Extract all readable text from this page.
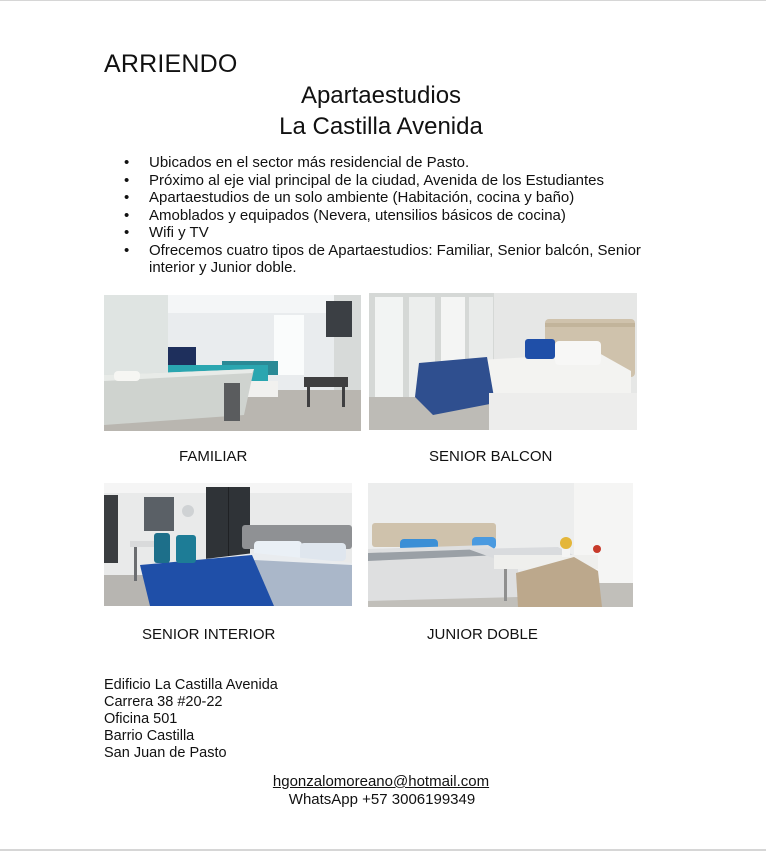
ARRIENDO
Apartaestudios
La Castilla Avenida
• Ubicados en el sector más residencial de Pasto.
• Próximo al eje vial principal de la ciudad, Avenida de los Estudiantes
• Apartaestudios de un solo ambiente (Habitación, cocina y baño)
• Amoblados y equipados (Nevera, utensilios básicos de cocina)
• Wifi y TV
• Ofrecemos cuatro tipos de Apartaestudios: Familiar, Senior balcón, Senior interior y Junior doble.
FAMILIAR	SENIOR BALCON
SENIOR INTERIOR	JUNIOR DOBLE
Edificio La Castilla Avenida
Carrera 38 #20-22
Oficina 501
Barrio Castilla
San Juan de Pasto
hgonzalomoreano@hotmail.com
WhatsApp +57 3006199349
